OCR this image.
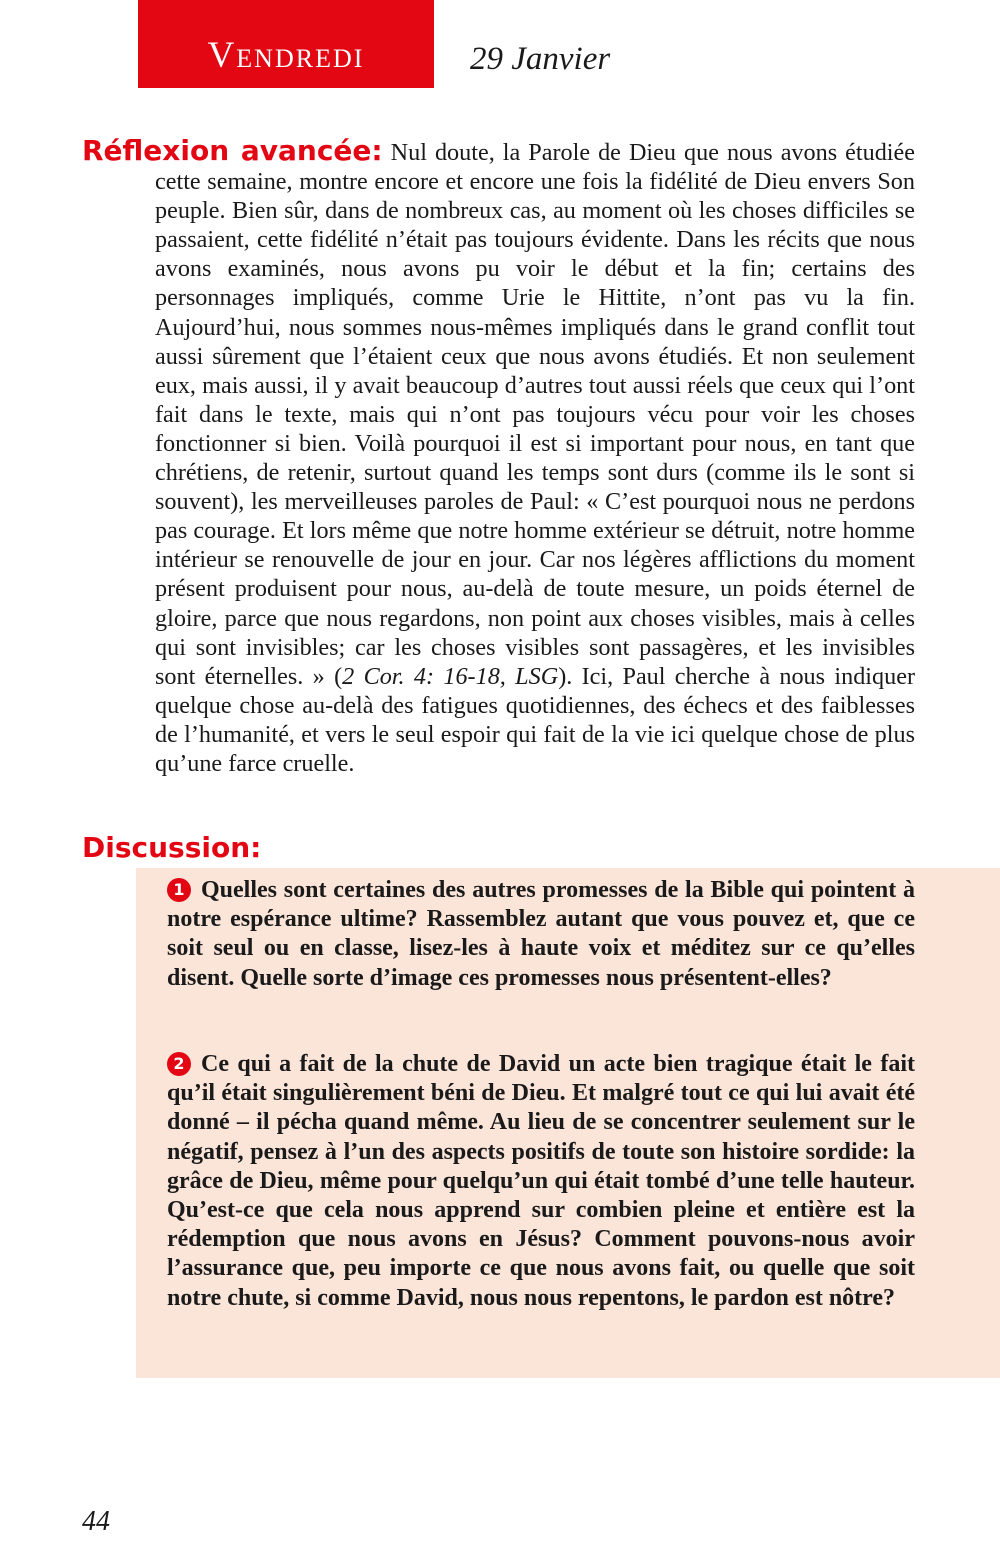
Vendredi	29 Janvier
Réflexion avancée: Nul doute, la Parole de Dieu que nous avons étudiée cette semaine, montre encore et encore une fois la fidélité de Dieu envers Son peuple. Bien sûr, dans de nombreux cas, au moment où les choses difficiles se passaient, cette fidélité n’était pas toujours évidente. Dans les récits que nous avons examinés, nous avons pu voir le début et la fin; certains des personnages impliqués, comme Urie le Hittite, n’ont pas vu la fin. Aujourd’hui, nous sommes nous-mêmes impliqués dans le grand conflit tout aussi sûrement que l’étaient ceux que nous avons étudiés. Et non seulement eux, mais aussi, il y avait beaucoup d’autres tout aussi réels que ceux qui l’ont fait dans le texte, mais qui n’ont pas toujours vécu pour voir les choses fonctionner si bien. Voilà pourquoi il est si important pour nous, en tant que chrétiens, de retenir, surtout quand les temps sont durs (comme ils le sont si souvent), les merveilleuses paroles de Paul: « C’est pourquoi nous ne perdons pas courage. Et lors même que notre homme extérieur se détruit, notre homme intérieur se renouvelle de jour en jour. Car nos légères afflictions du moment présent produisent pour nous, au-delà de toute mesure, un poids éternel de gloire, parce que nous regardons, non point aux choses visibles, mais à celles qui sont invisibles; car les choses visibles sont passagères, et les invisibles sont éternelles. » (2 Cor. 4: 16-18, LSG). Ici, Paul cherche à nous indiquer quelque chose au-delà des fatigues quotidiennes, des échecs et des faiblesses de l’humanité, et vers le seul espoir qui fait de la vie ici quelque chose de plus qu’une farce cruelle.
Discussion:
1 Quelles sont certaines des autres promesses de la Bible qui pointent à notre espérance ultime? Rassemblez autant que vous pouvez et, que ce soit seul ou en classe, lisez-les à haute voix et méditez sur ce qu’elles disent. Quelle sorte d’image ces promesses nous présentent-elles?
2 Ce qui a fait de la chute de David un acte bien tragique était le fait qu’il était singulièrement béni de Dieu. Et malgré tout ce qui lui avait été donné – il pécha quand même. Au lieu de se concentrer seulement sur le négatif, pensez à l’un des aspects positifs de toute son histoire sordide: la grâce de Dieu, même pour quelqu’un qui était tombé d’une telle hauteur. Qu’est-ce que cela nous apprend sur combien pleine et entière est la rédemption que nous avons en Jésus? Comment pouvons-nous avoir l’assurance que, peu importe ce que nous avons fait, ou quelle que soit notre chute, si comme David, nous nous repentons, le pardon est nôtre?
44
